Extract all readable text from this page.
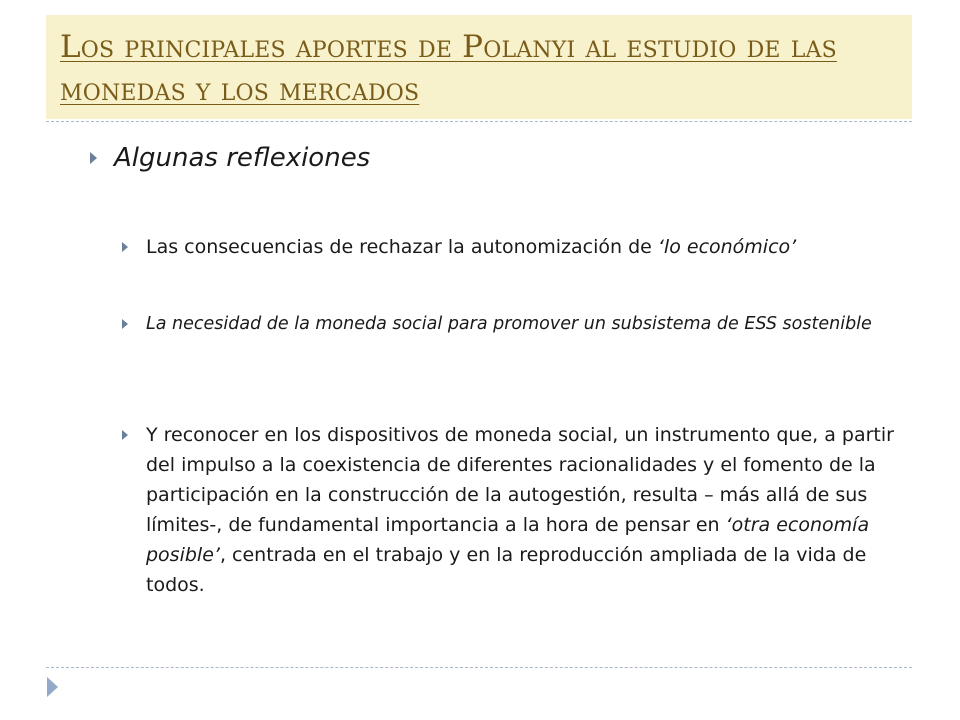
Los principales aportes de Polanyi al estudio de las monedas y los mercados
Algunas reflexiones

Las consecuencias de rechazar la autonomización de ‘lo económico’

La necesidad de la moneda social para promover un subsistema de ESS sostenible

Y reconocer en los dispositivos de moneda social, un instrumento que, a partir del impulso a la coexistencia de diferentes racionalidades y el fomento de la participación en la construcción de la autogestión, resulta – más allá de sus límites-, de fundamental importancia a la hora de pensar en ‘otra economía posible’, centrada en el trabajo y en la reproducción ampliada de la vida de todos.
